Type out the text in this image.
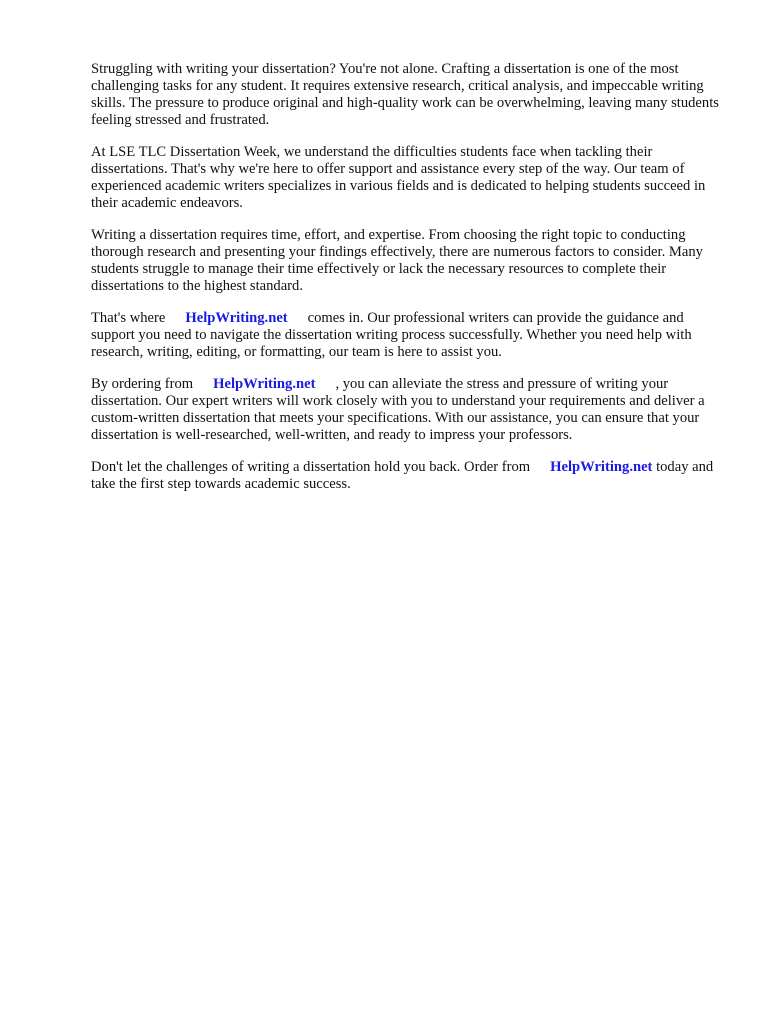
Struggling with writing your dissertation? You're not alone. Crafting a dissertation is one of the most challenging tasks for any student. It requires extensive research, critical analysis, and impeccable writing skills. The pressure to produce original and high-quality work can be overwhelming, leaving many students feeling stressed and frustrated.

At LSE TLC Dissertation Week, we understand the difficulties students face when tackling their dissertations. That's why we're here to offer support and assistance every step of the way. Our team of experienced academic writers specializes in various fields and is dedicated to helping students succeed in their academic endeavors.

Writing a dissertation requires time, effort, and expertise. From choosing the right topic to conducting thorough research and presenting your findings effectively, there are numerous factors to consider. Many students struggle to manage their time effectively or lack the necessary resources to complete their dissertations to the highest standard.

That's where HelpWriting.net comes in. Our professional writers can provide the guidance and support you need to navigate the dissertation writing process successfully. Whether you need help with research, writing, editing, or formatting, our team is here to assist you.

By ordering from HelpWriting.net , you can alleviate the stress and pressure of writing your dissertation. Our expert writers will work closely with you to understand your requirements and deliver a custom-written dissertation that meets your specifications. With our assistance, you can ensure that your dissertation is well-researched, well-written, and ready to impress your professors.

Don't let the challenges of writing a dissertation hold you back. Order from HelpWriting.net today and take the first step towards academic success.
